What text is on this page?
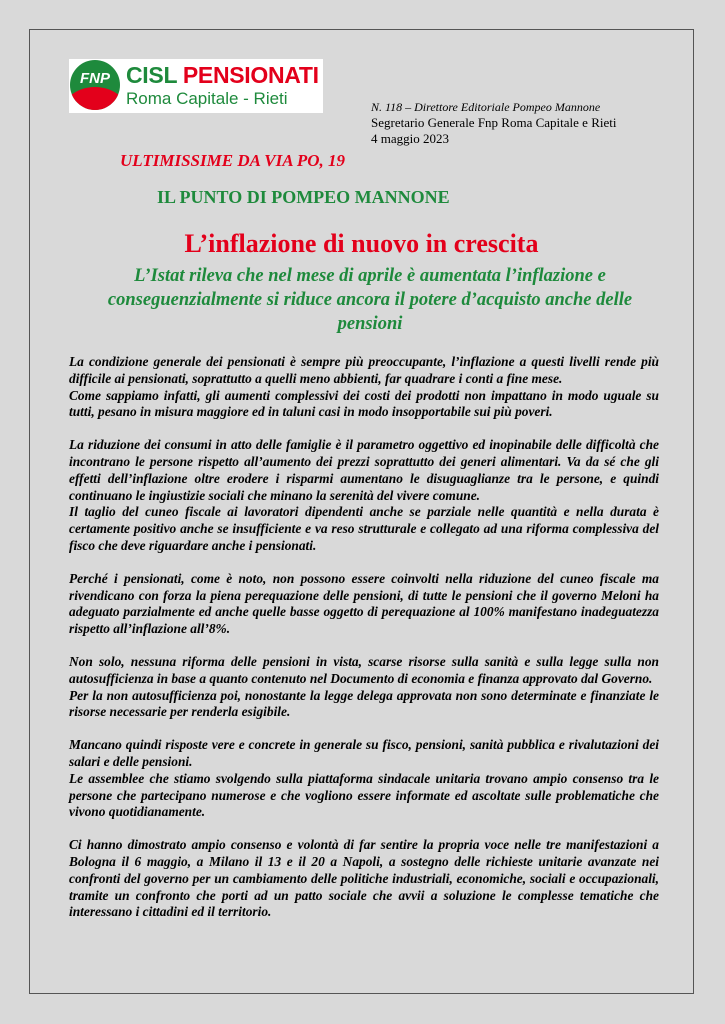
FNP CISL PENSIONATI
Roma Capitale - Rieti	N. 118 – Direttore Editoriale Pompeo Mannone
Segretario Generale Fnp Roma Capitale e Rieti
4 maggio 2023
ULTIMISSIME DA VIA PO, 19
IL PUNTO DI POMPEO MANNONE
L’inflazione di nuovo in crescita
L’Istat rileva che nel mese di aprile è aumentata l’inflazione e conseguenzialmente si riduce ancora il potere d’acquisto anche delle pensioni

La condizione generale dei pensionati è sempre più preoccupante, l’inflazione a questi livelli rende più difficile ai pensionati, soprattutto a quelli meno abbienti, far quadrare i conti a fine mese.

Come sappiamo infatti, gli aumenti complessivi dei costi dei prodotti non impattano in modo uguale su tutti, pesano in misura maggiore ed in taluni casi in modo insopportabile sui più poveri.

La riduzione dei consumi in atto delle famiglie è il parametro oggettivo ed inopinabile delle difficoltà che incontrano le persone rispetto all’aumento dei prezzi soprattutto dei generi alimentari. Va da sé che gli effetti dell’inflazione oltre erodere i risparmi aumentano le disuguaglianze tra le persone, e quindi continuano le ingiustizie sociali che minano la serenità del vivere comune.

Il taglio del cuneo fiscale ai lavoratori dipendenti anche se parziale nelle quantità e nella durata è certamente positivo anche se insufficiente e va reso strutturale e collegato ad una riforma complessiva del fisco che deve riguardare anche i pensionati.

Perché i pensionati, come è noto, non possono essere coinvolti nella riduzione del cuneo fiscale ma rivendicano con forza la piena perequazione delle pensioni, di tutte le pensioni che il governo Meloni ha adeguato parzialmente ed anche quelle basse oggetto di perequazione al 100% manifestano inadeguatezza rispetto all’inflazione all’8%.

Non solo, nessuna riforma delle pensioni in vista, scarse risorse sulla sanità e sulla legge sulla non autosufficienza in base a quanto contenuto nel Documento di economia e finanza approvato dal Governo.

Per la non autosufficienza poi, nonostante la legge delega approvata non sono determinate e finanziate le risorse necessarie per renderla esigibile.

Mancano quindi risposte vere e concrete in generale su fisco, pensioni, sanità pubblica e rivalutazioni dei salari e delle pensioni.

Le assemblee che stiamo svolgendo sulla piattaforma sindacale unitaria trovano ampio consenso tra le persone che partecipano numerose e che vogliono essere informate ed ascoltate sulle problematiche che vivono quotidianamente.

Ci hanno dimostrato ampio consenso e volontà di far sentire la propria voce nelle tre manifestazioni a Bologna il 6 maggio, a Milano il 13 e il 20 a Napoli, a sostegno delle richieste unitarie avanzate nei confronti del governo per un cambiamento delle politiche industriali, economiche, sociali e occupazionali, tramite un confronto che porti ad un patto sociale che avvii a soluzione le complesse tematiche che interessano i cittadini ed il territorio.
